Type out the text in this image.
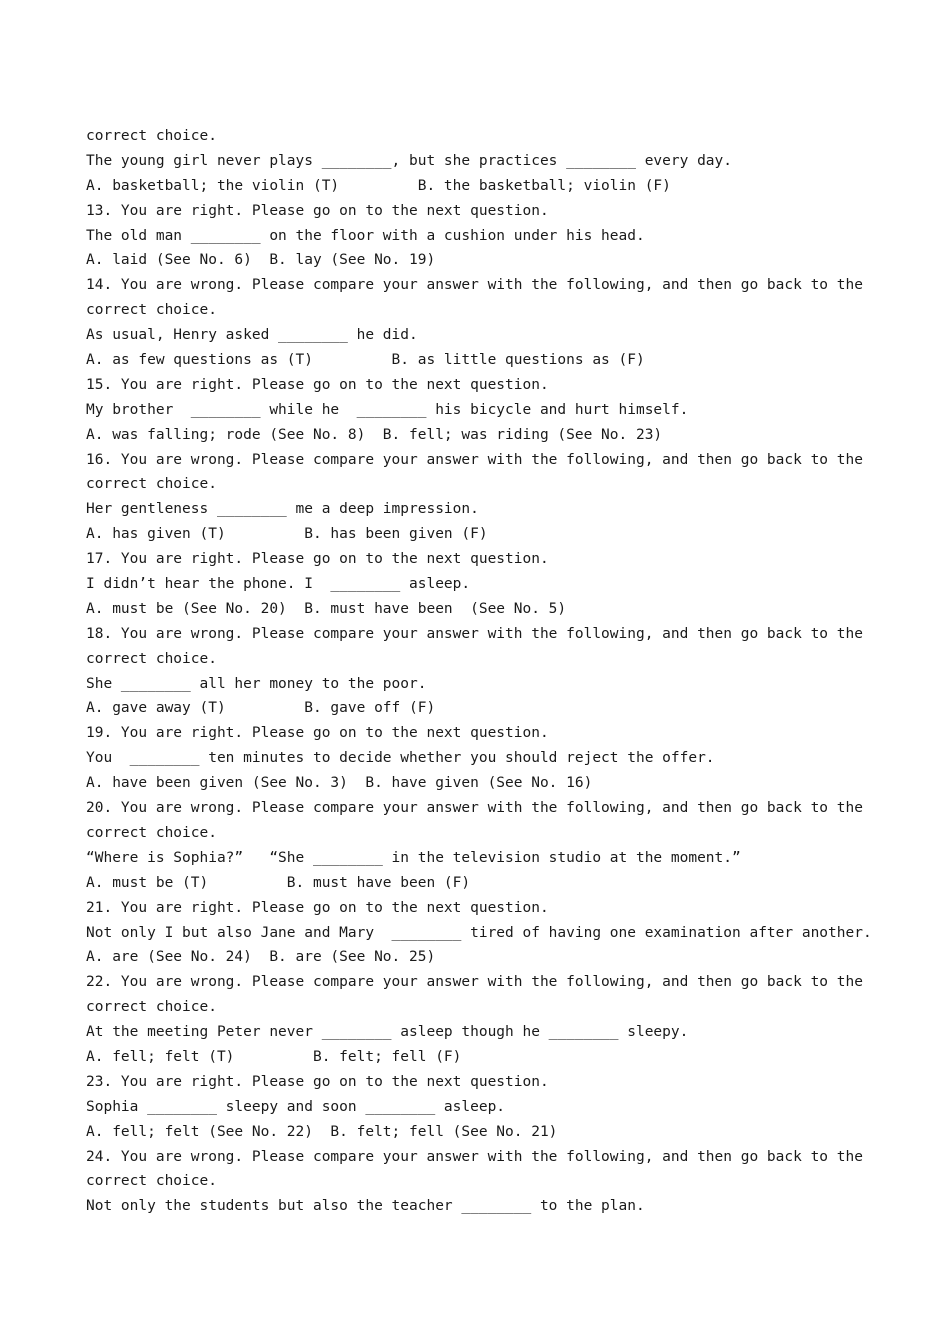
correct choice.
The young girl never plays ________, but she practices ________ every day.
A. basketball; the violin (T)         B. the basketball; violin (F)
13. You are right. Please go on to the next question.
The old man ________ on the floor with a cushion under his head.
A. laid (See No. 6)  B. lay (See No. 19)
14. You are wrong. Please compare your answer with the following, and then go back to the
correct choice.
As usual, Henry asked ________ he did.
A. as few questions as (T)         B. as little questions as (F)
15. You are right. Please go on to the next question.
My brother  ________ while he  ________ his bicycle and hurt himself.
A. was falling; rode (See No. 8)  B. fell; was riding (See No. 23)
16. You are wrong. Please compare your answer with the following, and then go back to the
correct choice.
Her gentleness ________ me a deep impression.
A. has given (T)         B. has been given (F)
17. You are right. Please go on to the next question.
I didn’t hear the phone. I  ________ asleep.
A. must be (See No. 20)  B. must have been  (See No. 5)
18. You are wrong. Please compare your answer with the following, and then go back to the
correct choice.
She ________ all her money to the poor.
A. gave away (T)         B. gave off (F)
19. You are right. Please go on to the next question.
You  ________ ten minutes to decide whether you should reject the offer.
A. have been given (See No. 3)  B. have given (See No. 16)
20. You are wrong. Please compare your answer with the following, and then go back to the
correct choice.
“Where is Sophia?”   “She ________ in the television studio at the moment.”
A. must be (T)         B. must have been (F)
21. You are right. Please go on to the next question.
Not only I but also Jane and Mary  ________ tired of having one examination after another.
A. are (See No. 24)  B. are (See No. 25)
22. You are wrong. Please compare your answer with the following, and then go back to the
correct choice.
At the meeting Peter never ________ asleep though he ________ sleepy.
A. fell; felt (T)         B. felt; fell (F)
23. You are right. Please go on to the next question.
Sophia ________ sleepy and soon ________ asleep.
A. fell; felt (See No. 22)  B. felt; fell (See No. 21)
24. You are wrong. Please compare your answer with the following, and then go back to the
correct choice.
Not only the students but also the teacher ________ to the plan.
